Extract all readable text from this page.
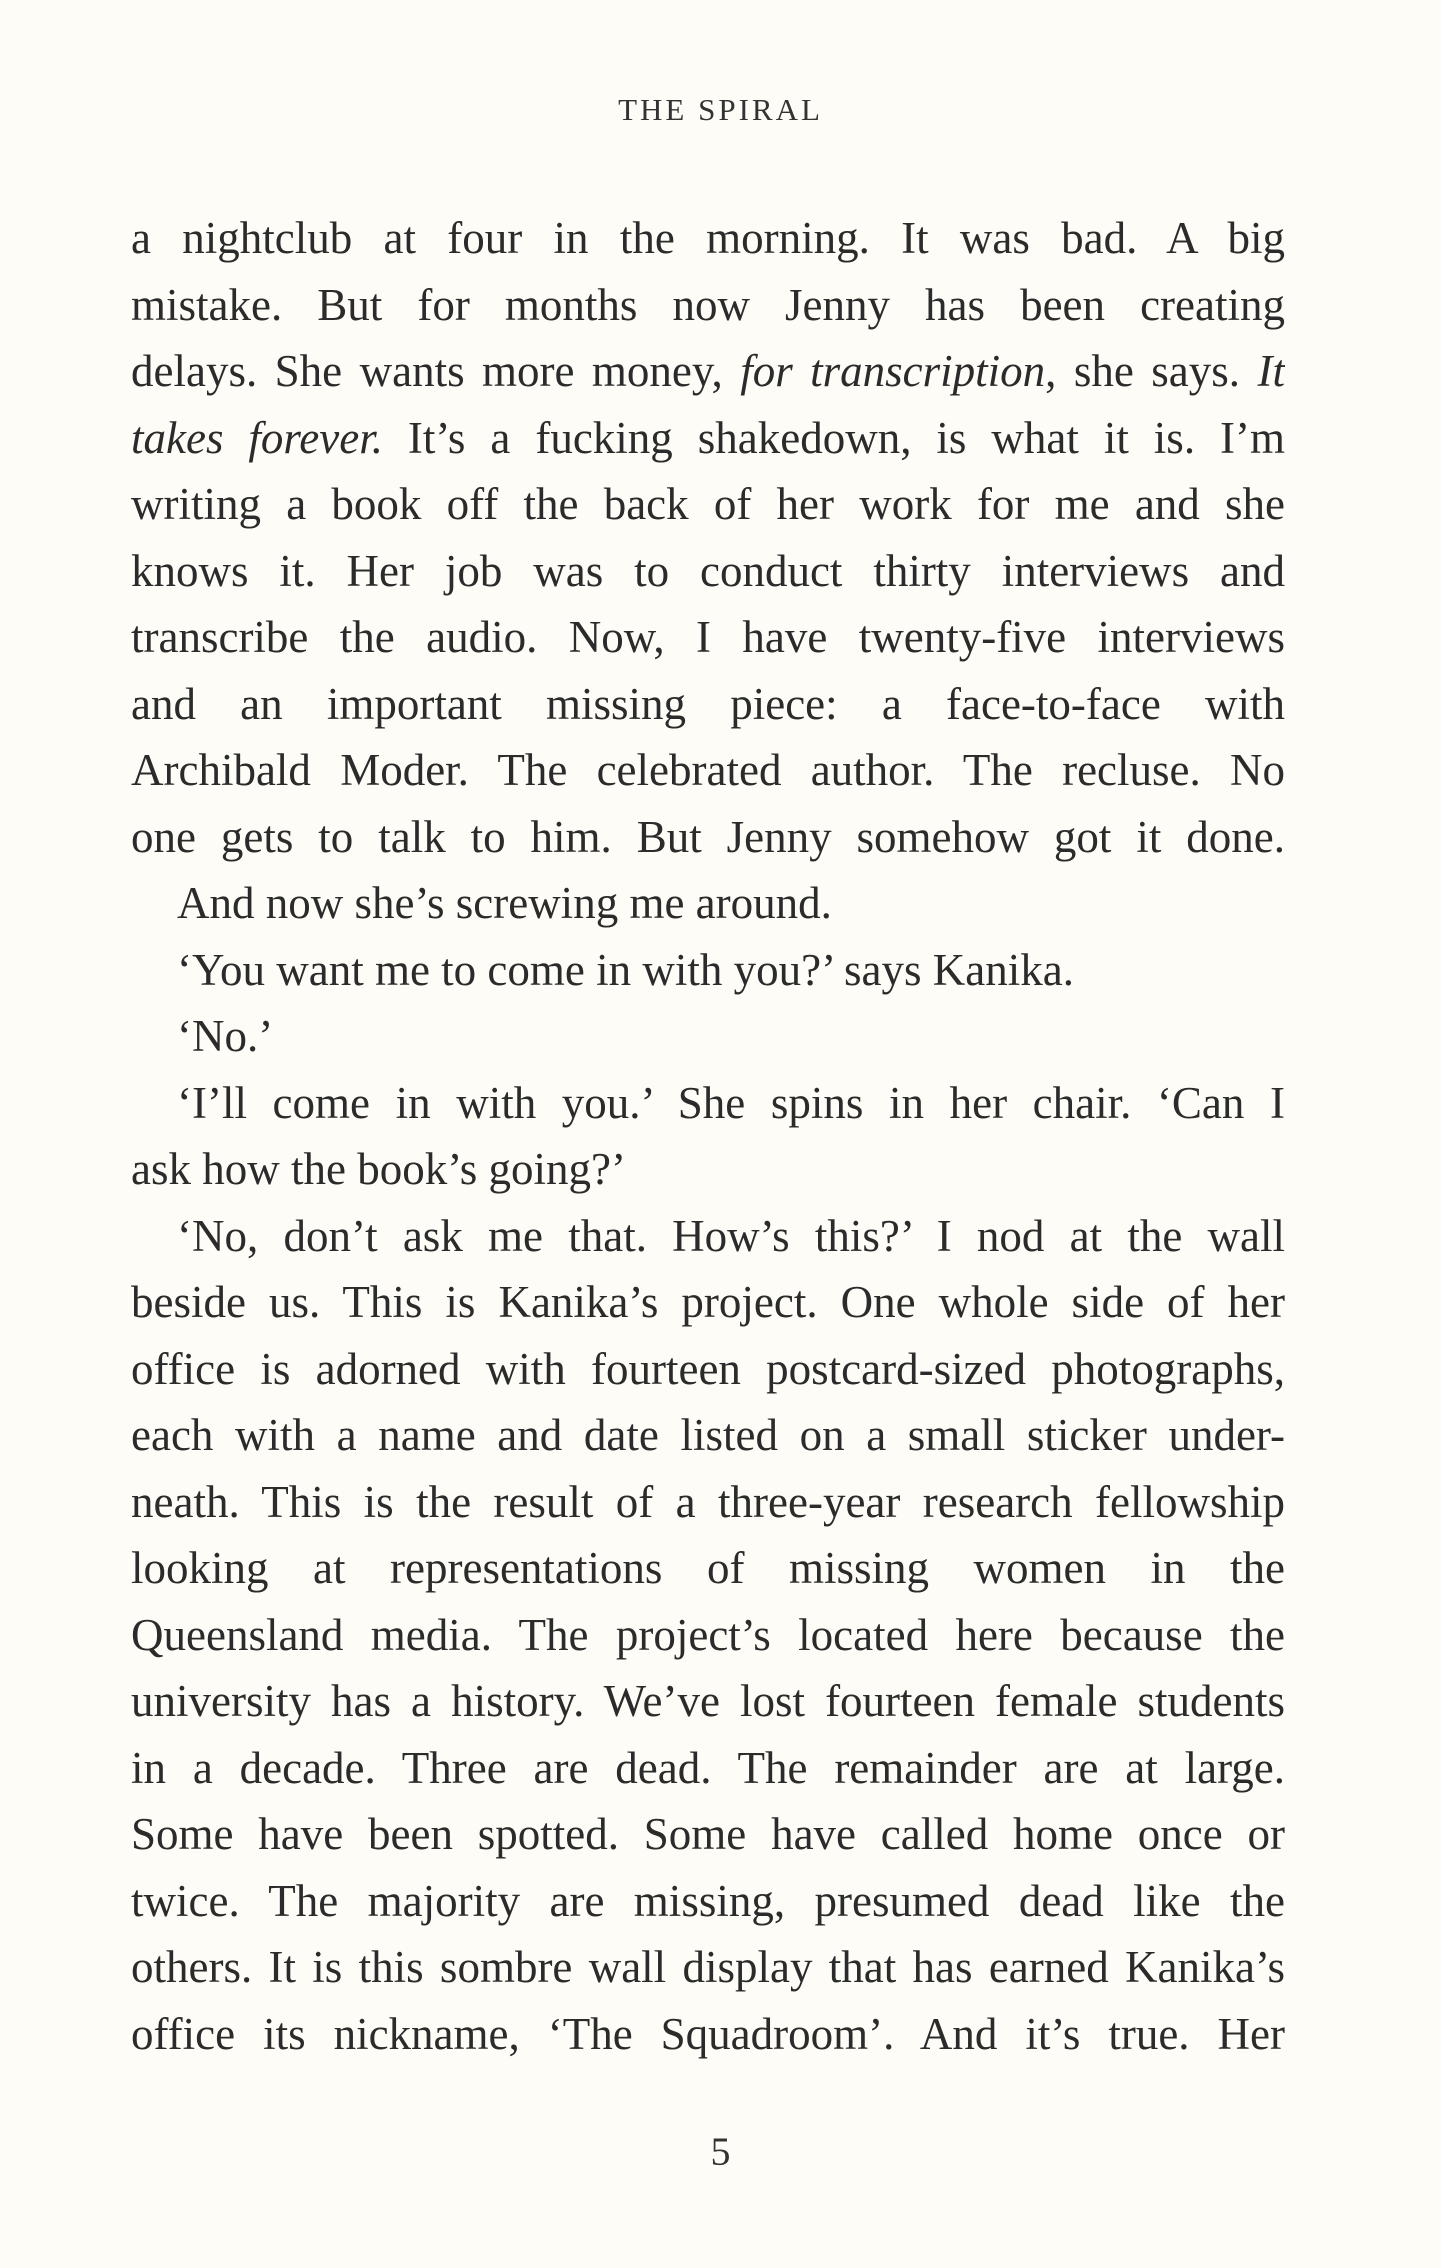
THE SPIRAL
a nightclub at four in the morning. It was bad. A big
mistake. But for months now Jenny has been creating
delays. She wants more money, for transcription, she says. It
takes forever. It’s a fucking shakedown, is what it is. I’m
writing a book off the back of her work for me and she
knows it. Her job was to conduct thirty interviews and
transcribe the audio. Now, I have twenty-five interviews
and an important missing piece: a face-to-face with
Archibald Moder. The celebrated author. The recluse. No
one gets to talk to him. But Jenny somehow got it done.
And now she’s screwing me around.
‘You want me to come in with you?’ says Kanika.
‘No.’
‘I’ll come in with you.’ She spins in her chair. ‘Can I
ask how the book’s going?’
‘No, don’t ask me that. How’s this?’ I nod at the wall
beside us. This is Kanika’s project. One whole side of her
office is adorned with fourteen postcard-sized photographs,
each with a name and date listed on a small sticker under-
neath. This is the result of a three-year research fellowship
looking at representations of missing women in the
Queensland media. The project’s located here because the
university has a history. We’ve lost fourteen female students
in a decade. Three are dead. The remainder are at large.
Some have been spotted. Some have called home once or
twice. The majority are missing, presumed dead like the
others. It is this sombre wall display that has earned Kanika’s
office its nickname, ‘The Squadroom’. And it’s true. Her
5
